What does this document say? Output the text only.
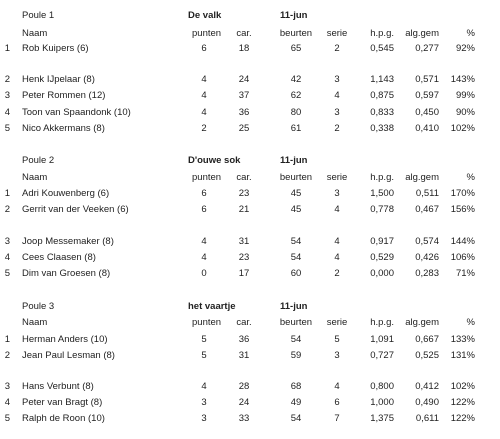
Poule 1	De valk	11-jun
Naam	punten	car.	beurten serie	h.p.g. alg.gem	%
1 Rob Kuipers (6)	6	18	65	2	0,545	0,277	92%
2 Henk IJpelaar (8)	4	24	42	3	1,143	0,571	143%
3 Peter Rommen (12)	4	37	62	4	0,875	0,597	99%
4 Toon van Spaandonk (10)	4	36	80	3	0,833	0,450	90%
5 Nico Akkermans (8)	2	25	61	2	0,338	0,410	102%
Poule 2	D'ouwe sok	11-jun
Naam	punten	car.	beurten serie	h.p.g. alg.gem	%
1 Adri Kouwenberg (6)	6	23	45	3	1,500	0,511	170%
2 Gerrit van der Veeken (6)	6	21	45	4	0,778	0,467	156%
3 Joop Messemaker (8)	4	31	54	4	0,917	0,574	144%
4 Cees Claasen (8)	4	23	54	4	0,529	0,426	106%
5 Dim van Groesen (8)	0	17	60	2	0,000	0,283	71%
Poule 3	het vaartje	11-jun
Naam	punten	car.	beurten serie	h.p.g. alg.gem	%
1 Herman Anders (10)	5	36	54	5	1,091	0,667	133%
2 Jean Paul Lesman (8)	5	31	59	3	0,727	0,525	131%
3 Hans Verbunt (8)	4	28	68	4	0,800	0,412	102%
4 Peter van Bragt (8)	3	24	49	6	1,000	0,490	122%
5 Ralph de Roon (10)	3	33	54	7	1,375	0,611	122%
